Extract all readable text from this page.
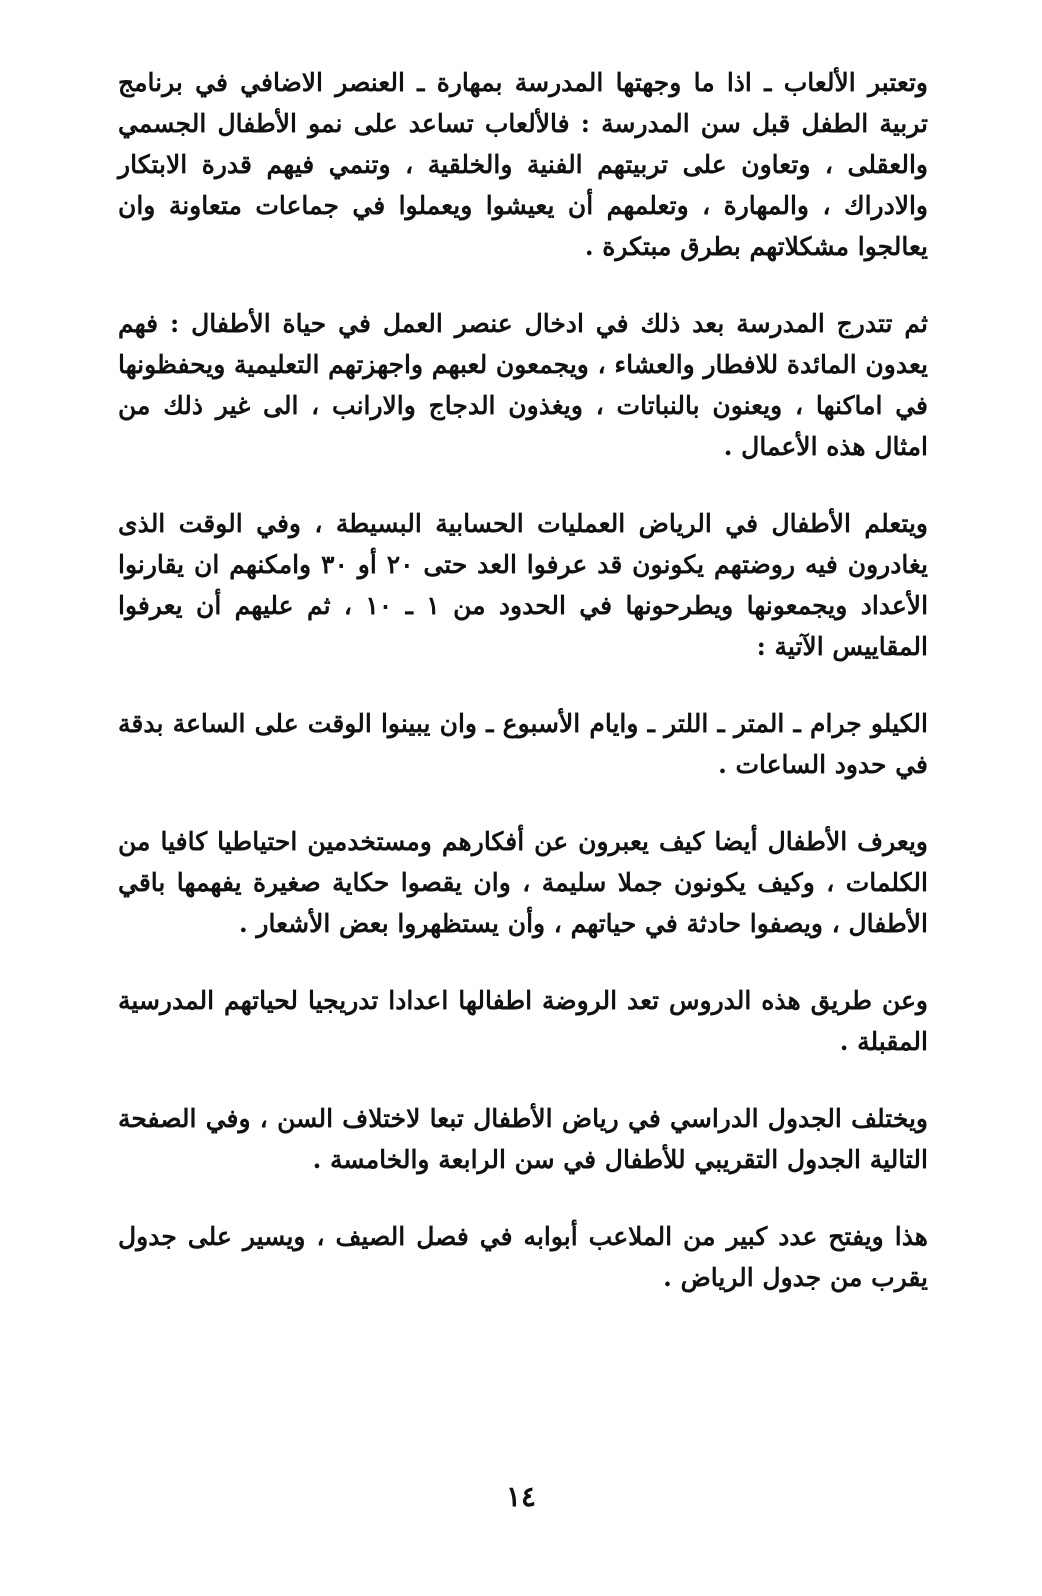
وتعتبر الألعاب ـ اذا ما وجهتها المدرسة بمهارة ـ العنصر الاضافي في برنامج تربية الطفل قبل سن المدرسة : فالألعاب تساعد على نمو الأطفال الجسمي والعقلى ، وتعاون على تربيتهم الفنية والخلقية ، وتنمي فيهم قدرة الابتكار والادراك ، والمهارة ، وتعلمهم أن يعيشوا ويعملوا في جماعات متعاونة وان يعالجوا مشكلاتهم بطرق مبتكرة .

ثم تتدرج المدرسة بعد ذلك في ادخال عنصر العمل في حياة الأطفال : فهم يعدون المائدة للافطار والعشاء ، ويجمعون لعبهم واجهزتهم التعليمية ويحفظونها في اماكنها ، ويعنون بالنباتات ، ويغذون الدجاج والارانب ، الى غير ذلك من امثال هذه الأعمال .

ويتعلم الأطفال في الرياض العمليات الحسابية البسيطة ، وفي الوقت الذى يغادرون فيه روضتهم يكونون قد عرفوا العد حتى ٢٠ أو ٣٠ وامكنهم ان يقارنوا الأعداد ويجمعونها ويطرحونها في الحدود من ١ ـ ١٠ ، ثم عليهم أن يعرفوا المقاييس الآتية :

الكيلو جرام ـ المتر ـ اللتر ـ وايام الأسبوع ـ وان يبينوا الوقت على الساعة بدقة في حدود الساعات .

ويعرف الأطفال أيضا كيف يعبرون عن أفكارهم ومستخدمين احتياطيا كافيا من الكلمات ، وكيف يكونون جملا سليمة ، وان يقصوا حكاية صغيرة يفهمها باقي الأطفال ، ويصفوا حادثة في حياتهم ، وأن يستظهروا بعض الأشعار .

وعن طريق هذه الدروس تعد الروضة اطفالها اعدادا تدريجيا لحياتهم المدرسية المقبلة .

ويختلف الجدول الدراسي في رياض الأطفال تبعا لاختلاف السن ، وفي الصفحة التالية الجدول التقريبي للأطفال في سن الرابعة والخامسة .

هذا ويفتح عدد كبير من الملاعب أبوابه في فصل الصيف ، ويسير على جدول يقرب من جدول الرياض .

١٤
